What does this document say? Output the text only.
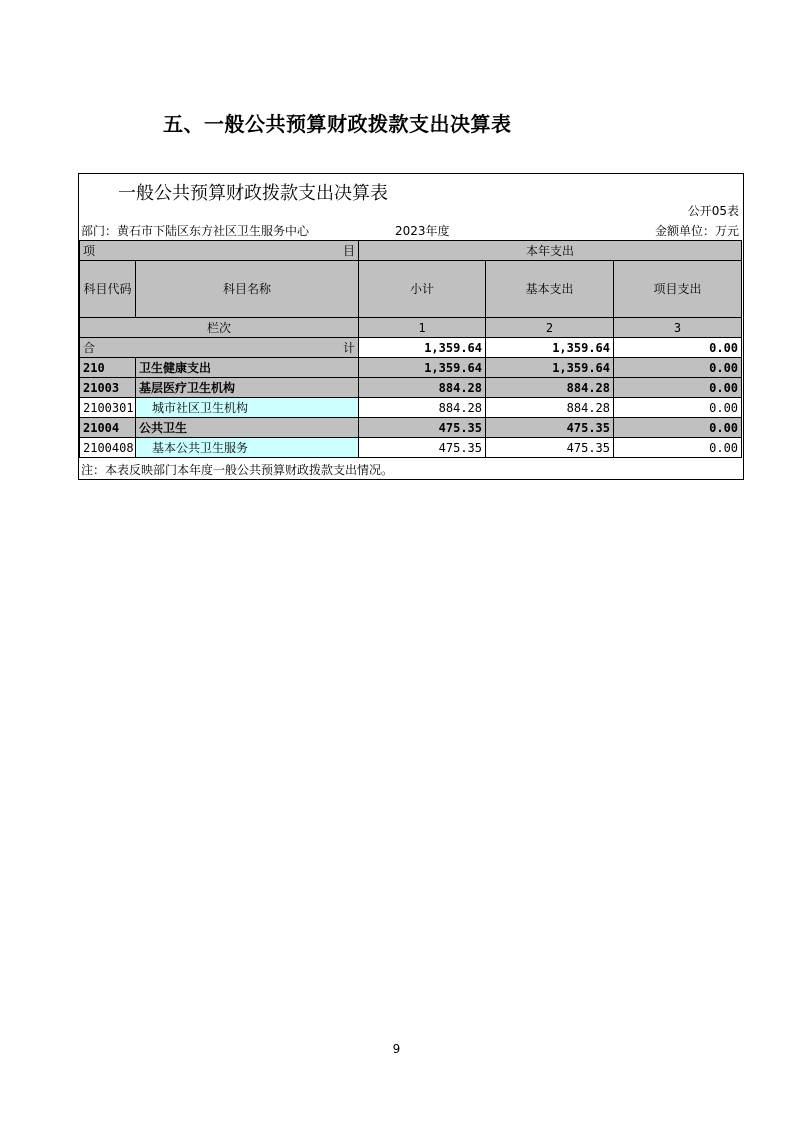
五、一般公共预算财政拨款支出决算表
一般公共预算财政拨款支出决算表
公开05表
部门：黄石市下陆区东方社区卫生服务中心	2023年度	金额单位：万元
项 目		本年支出		
科目代码	科目名称	小计	基本支出	项目支出
栏次		1	2	3

合 计		1,359.64	1,359.64	0.00
210	卫生健康支出	1,359.64	1,359.64	0.00
21003	基层医疗卫生机构	884.28	884.28	0.00
2100301	城市社区卫生机构	884.28	884.28	0.00
21004	公共卫生	475.35	475.35	0.00
2100408	基本公共卫生服务	475.35	475.35	0.00
注：本表反映部门本年度一般公共预算财政拨款支出情况。
9
